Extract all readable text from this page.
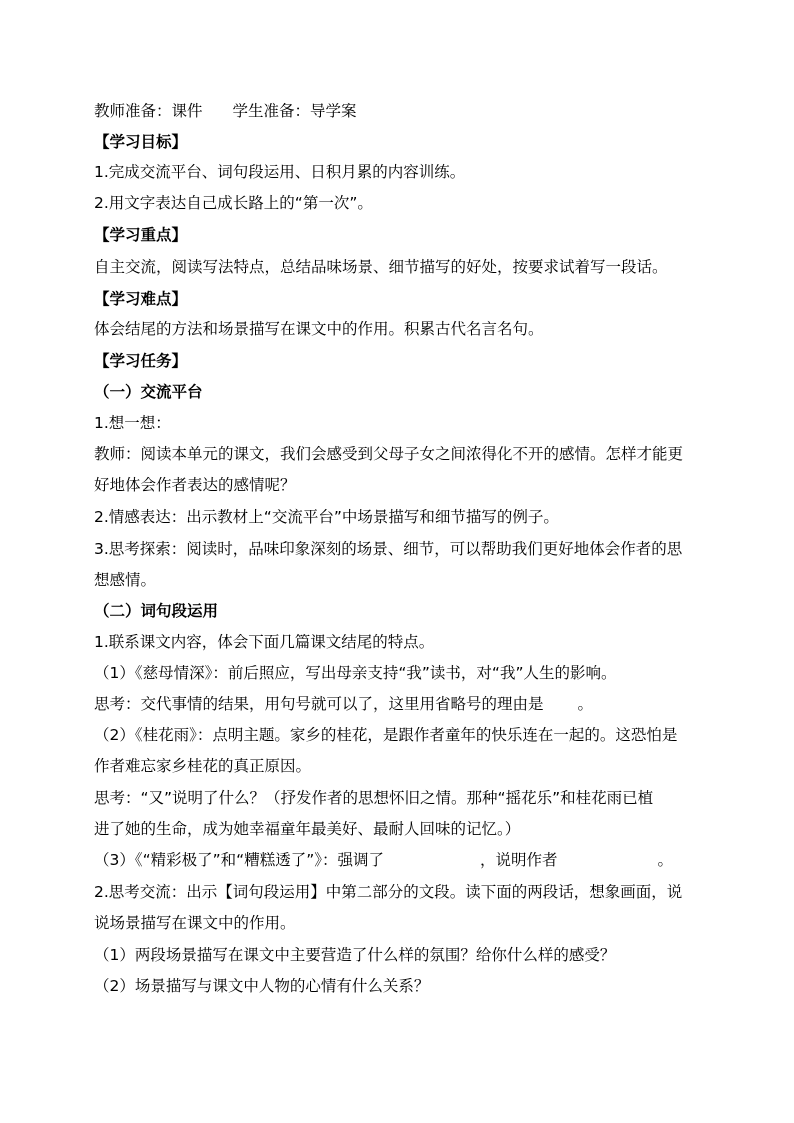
教师准备：课件 学生准备：导学案
【学习目标】
1.完成交流平台、词句段运用、日积月累的内容训练。
2.用文字表达自己成长路上的“第一次”。
【学习重点】
自主交流，阅读写法特点，总结品味场景、细节描写的好处，按要求试着写一段话。
【学习难点】
体会结尾的方法和场景描写在课文中的作用。积累古代名言名句。
【学习任务】
（一）交流平台
1.想一想：
教师：阅读本单元的课文，我们会感受到父母子女之间浓得化不开的感情。怎样才能更
好地体会作者表达的感情呢？
2.情感表达：出示教材上“交流平台”中场景描写和细节描写的例子。
3.思考探索：阅读时，品味印象深刻的场景、细节，可以帮助我们更好地体会作者的思
想感情。
（二）词句段运用
1.联系课文内容，体会下面几篇课文结尾的特点。
（1）《慈母情深》：前后照应，写出母亲支持“我”读书，对“我”人生的影响。
思考：交代事情的结果，用句号就可以了，这里用省略号的理由是 。
（2）《桂花雨》：点明主题。家乡的桂花，是跟作者童年的快乐连在一起的。这恐怕是
作者难忘家乡桂花的真正原因。
思考：“又”说明了什么？（抒发作者的思想怀旧之情。那种“摇花乐”和桂花雨已植
进了她的生命，成为她幸福童年最美好、最耐人回味的记忆。）
（3）《“精彩极了”和“糟糕透了”》：强调了	，说明作者	。
2.思考交流：出示【词句段运用】中第二部分的文段。读下面的两段话，想象画面，说
说场景描写在课文中的作用。
（1）两段场景描写在课文中主要营造了什么样的氛围？给你什么样的感受？
（2）场景描写与课文中人物的心情有什么关系？
